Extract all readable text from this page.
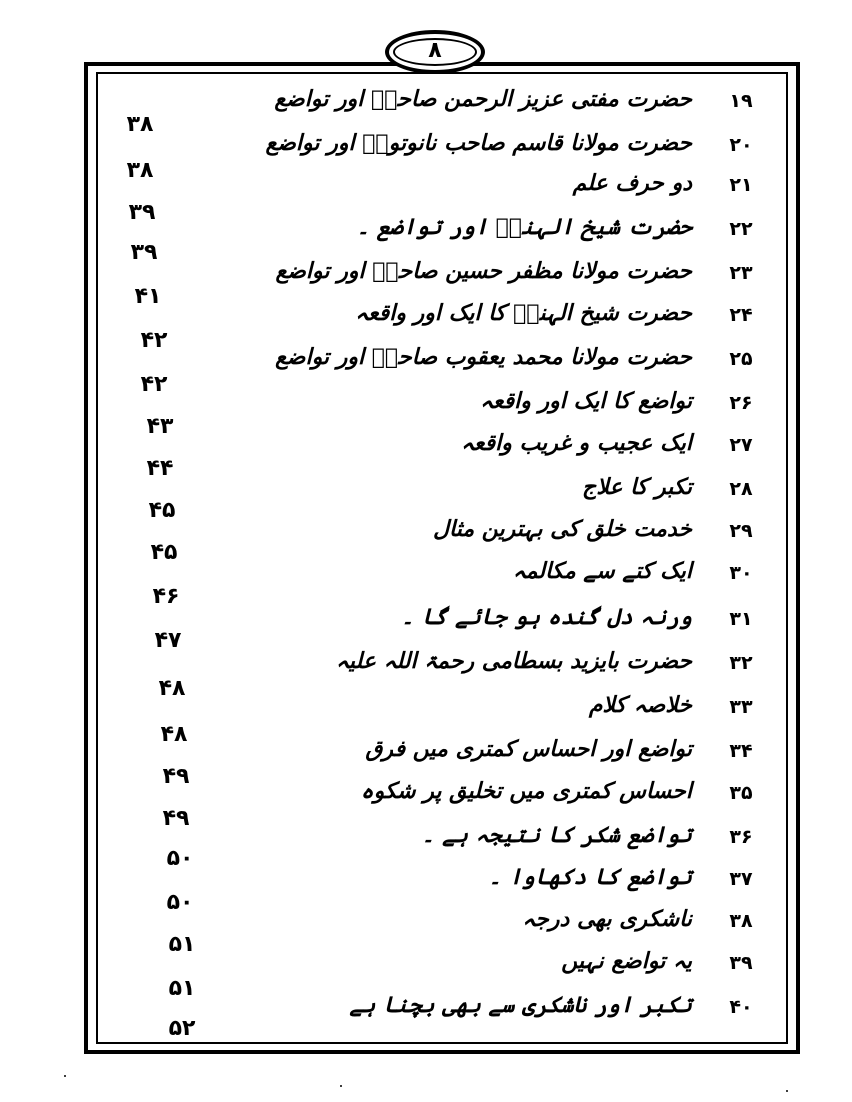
٨
١٩
حضرت مفتی عزیز الرحمن صاحبؒ اور تواضع
٢٠
حضرت مولانا قاسم صاحب نانوتویؒ اور تواضع
٢١
دو حرف علم
٢٢
حضرت شیخ الہندؒ اور تواضع ۔
٢٣
حضرت مولانا مظفر حسین صاحبؒ اور تواضع
٢۴
حضرت شیخ الہندؒ کا ایک اور واقعہ
٢۵
حضرت مولانا محمد یعقوب صاحبؒ اور تواضع
٢۶
تواضع کا ایک اور واقعہ
٢٧
ایک عجیب و غریب واقعہ
٢٨
تکبر کا علاج
٢٩
خدمت خلق کی بہترین مثال
٣٠
ایک کتے سے مکالمہ
٣١
ورنہ دل گندہ ہو جائے گا ۔
٣٢
حضرت بایزید بسطامی رحمۃ اللہ علیہ
٣٣
خلاصہ کلام
٣۴
تواضع اور احساس کمتری میں فرق
٣۵
احساس کمتری میں تخلیق پر شکوہ
٣۶
تواضع شکر کا نتیجہ ہے ۔
٣٧
تواضع کا دکھاوا ۔
٣٨
ناشکری بھی درجہ
٣٩
یہ تواضع نہیں
۴٠
تکبر اور ناشکری سے بھی بچنا ہے
٣٨
٣٨
٣٩
٣٩
۴١
۴٢
۴٢
۴٣
۴۴
۴۵
۴۵
۴۶
۴٧
۴٨
۴٨
۴٩
۴٩
۵٠
۵٠
۵١
۵١
۵٢
